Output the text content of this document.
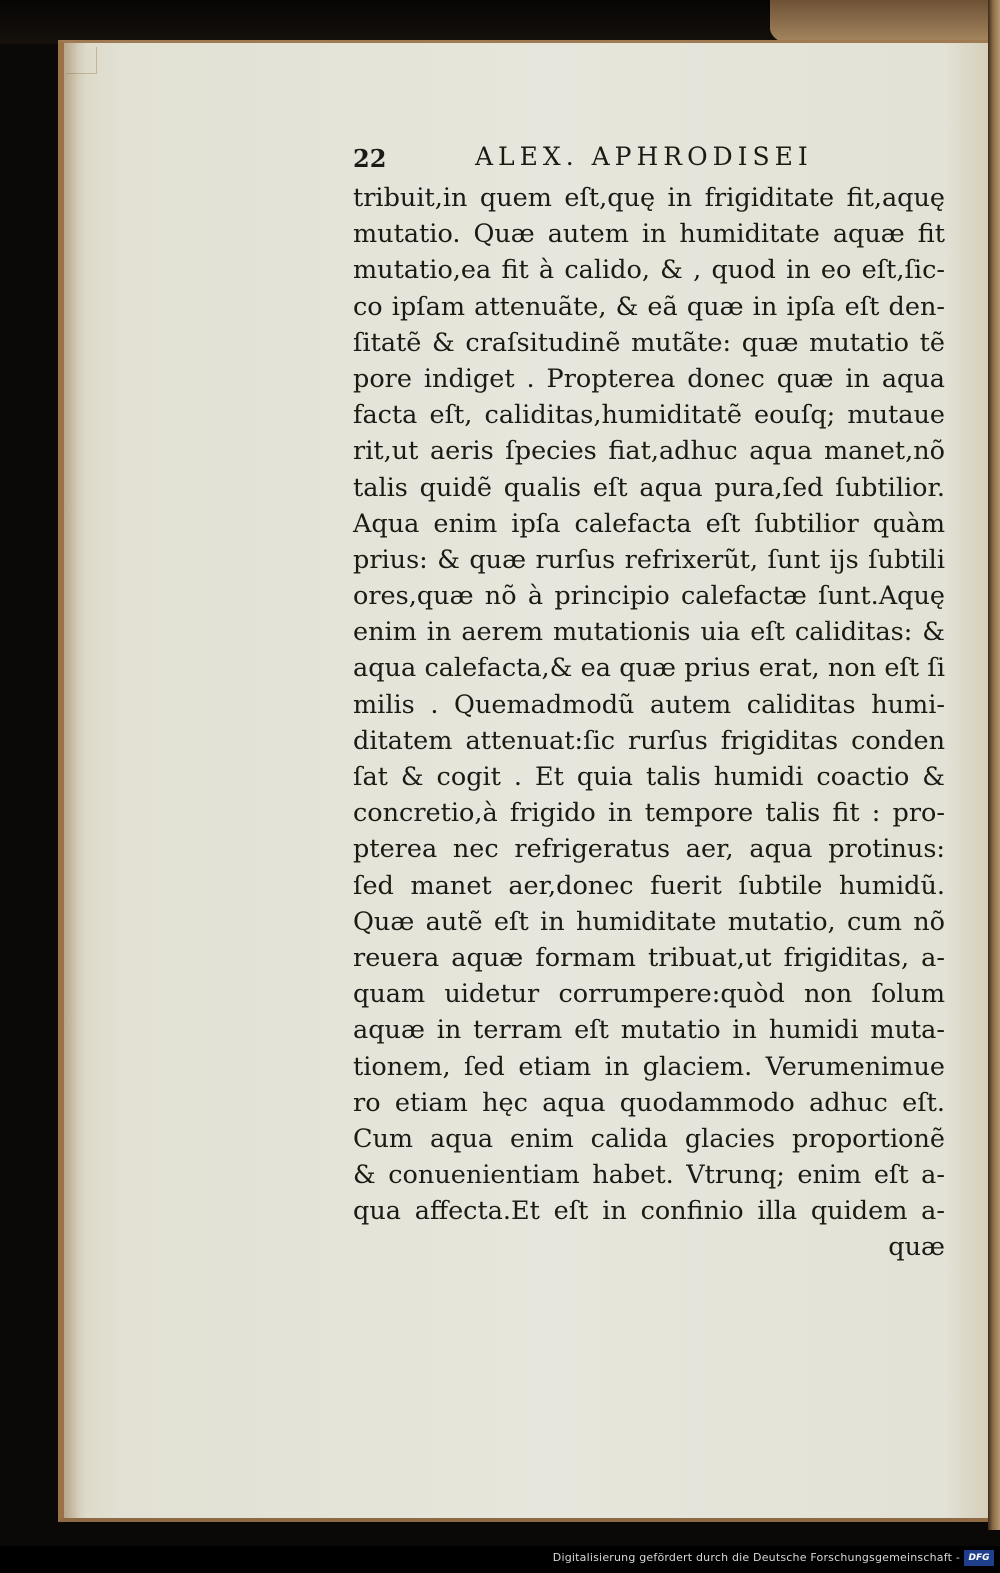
22	ALEX. APHRODISEI
tribuit,in quem eſt,quę in frigiditate fit,aquę
mutatio. Quæ autem in humiditate aquæ fit
mutatio,ea fit à calido, & , quod in eo eſt,ſic-
co ipſam attenuãte, & eã quæ in ipſa eſt den-
ſitatẽ & craſsitudinẽ mutãte: quæ mutatio tẽ
pore indiget . Propterea donec quæ in aqua
facta eſt, caliditas,humiditatẽ eouſq; mutaue
rit,ut aeris ſpecies fiat,adhuc aqua manet,nõ
talis quidẽ qualis eſt aqua pura,ſed ſubtilior.
Aqua enim ipſa calefacta eſt ſubtilior quàm
prius: & quæ rurſus refrixerũt, ſunt ijs ſubtili
ores,quæ nõ à principio calefactæ ſunt.Aquę
enim in aerem mutationis uia eſt caliditas: &
aqua calefacta,& ea quæ prius erat, non eſt ſi
milis . Quemadmodũ autem caliditas humi-
ditatem attenuat:ſic rurſus frigiditas conden
ſat & cogit . Et quia talis humidi coactio &
concretio,à frigido in tempore talis fit : pro-
pterea nec refrigeratus aer, aqua protinus:
ſed manet aer,donec fuerit ſubtile humidũ.
Quæ autẽ eſt in humiditate mutatio, cum nõ
reuera aquæ formam tribuat,ut frigiditas, a-
quam uidetur corrumpere:quòd non ſolum
aquæ in terram eſt mutatio in humidi muta-
tionem, ſed etiam in glaciem. Verumenimue
ro etiam hęc aqua quodammodo adhuc eſt.
Cum aqua enim calida glacies proportionẽ
& conuenientiam habet. Vtrunq; enim eſt a-
qua affecta.Et eſt in confinio illa quidem a-
quæ
Digitalisierung gefördert durch die Deutsche Forschungsgemeinschaft - DFG
